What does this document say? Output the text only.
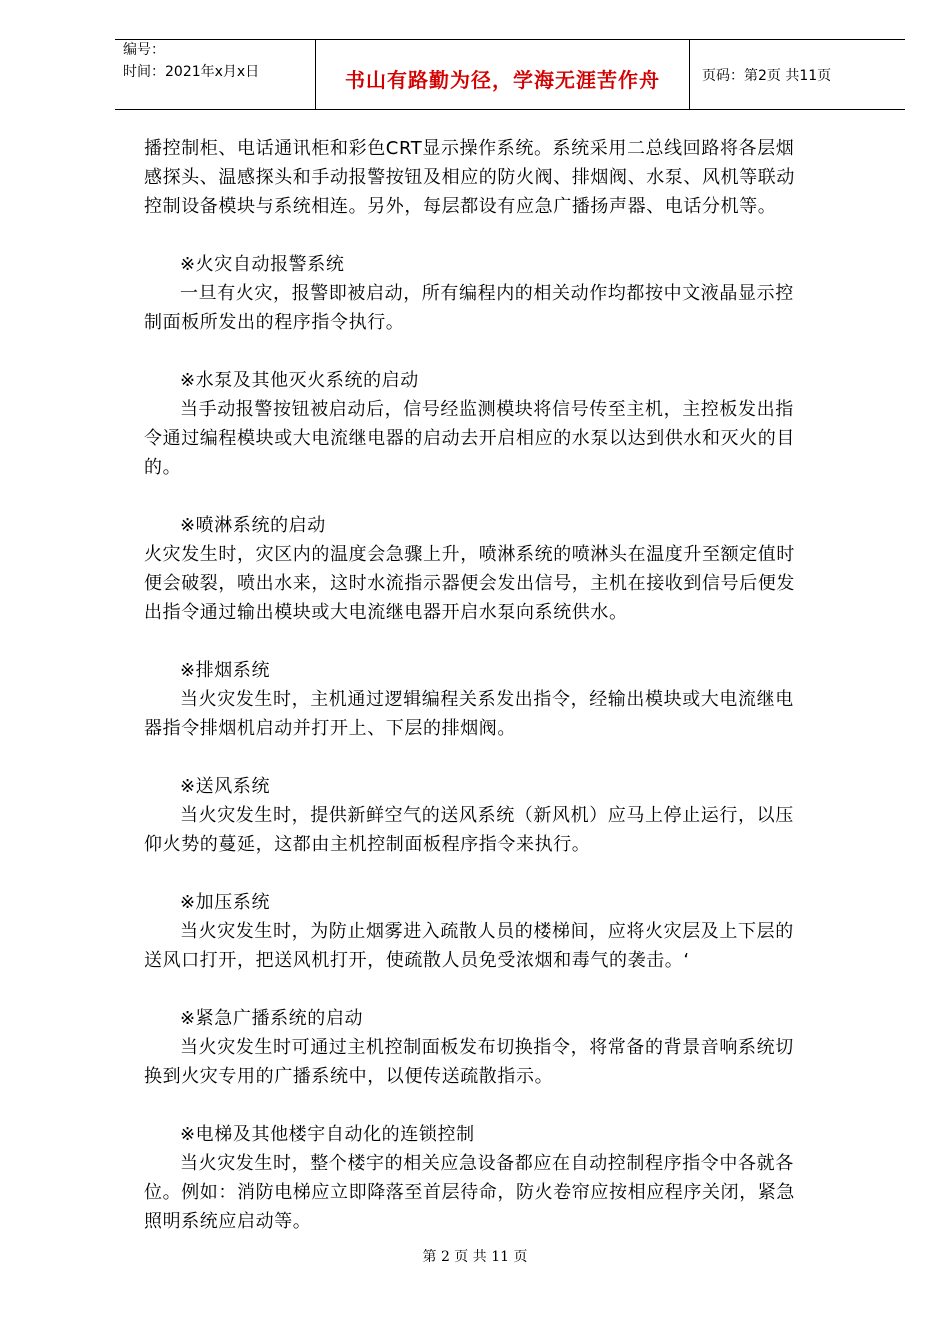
编号：
时间：2021年x月x日	书山有路勤为径，学海无涯苦作舟	页码：第2页 共11页

播控制柜、电话通讯柜和彩色CRT显示操作系统。系统采用二总线回路将各层烟

感探头、温感探头和手动报警按钮及相应的防火阀、排烟阀、水泵、风机等联动

控制设备模块与系统相连。另外，每层都设有应急广播扬声器、电话分机等。

※火灾自动报警系统

一旦有火灾，报警即被启动，所有编程内的相关动作均都按中文液晶显示控

制面板所发出的程序指令执行。

※水泵及其他灭火系统的启动

当手动报警按钮被启动后，信号经监测模块将信号传至主机，主控板发出指

令通过编程模块或大电流继电器的启动去开启相应的水泵以达到供水和灭火的目

的。

※喷淋系统的启动

火灾发生时，灾区内的温度会急骤上升，喷淋系统的喷淋头在温度升至额定值时

便会破裂，喷出水来，这时水流指示器便会发出信号，主机在接收到信号后便发

出指令通过输出模块或大电流继电器开启水泵向系统供水。

※排烟系统

当火灾发生时，主机通过逻辑编程关系发出指令，经输出模块或大电流继电

器指令排烟机启动并打开上、下层的排烟阀。

※送风系统

当火灾发生时，提供新鲜空气的送风系统（新风机）应马上停止运行，以压

仰火势的蔓延，这都由主机控制面板程序指令来执行。

※加压系统

当火灾发生时，为防止烟雾进入疏散人员的楼梯间，应将火灾层及上下层的

送风口打开，把送风机打开，使疏散人员免受浓烟和毒气的袭击。‘

※紧急广播系统的启动

当火灾发生时可通过主机控制面板发布切换指令，将常备的背景音响系统切

换到火灾专用的广播系统中，以便传送疏散指示。

※电梯及其他楼宇自动化的连锁控制

当火灾发生时，整个楼宇的相关应急设备都应在自动控制程序指令中各就各

位。例如：消防电梯应立即降落至首层待命，防火卷帘应按相应程序关闭，紧急

照明系统应启动等。

第 2 页 共 11 页
